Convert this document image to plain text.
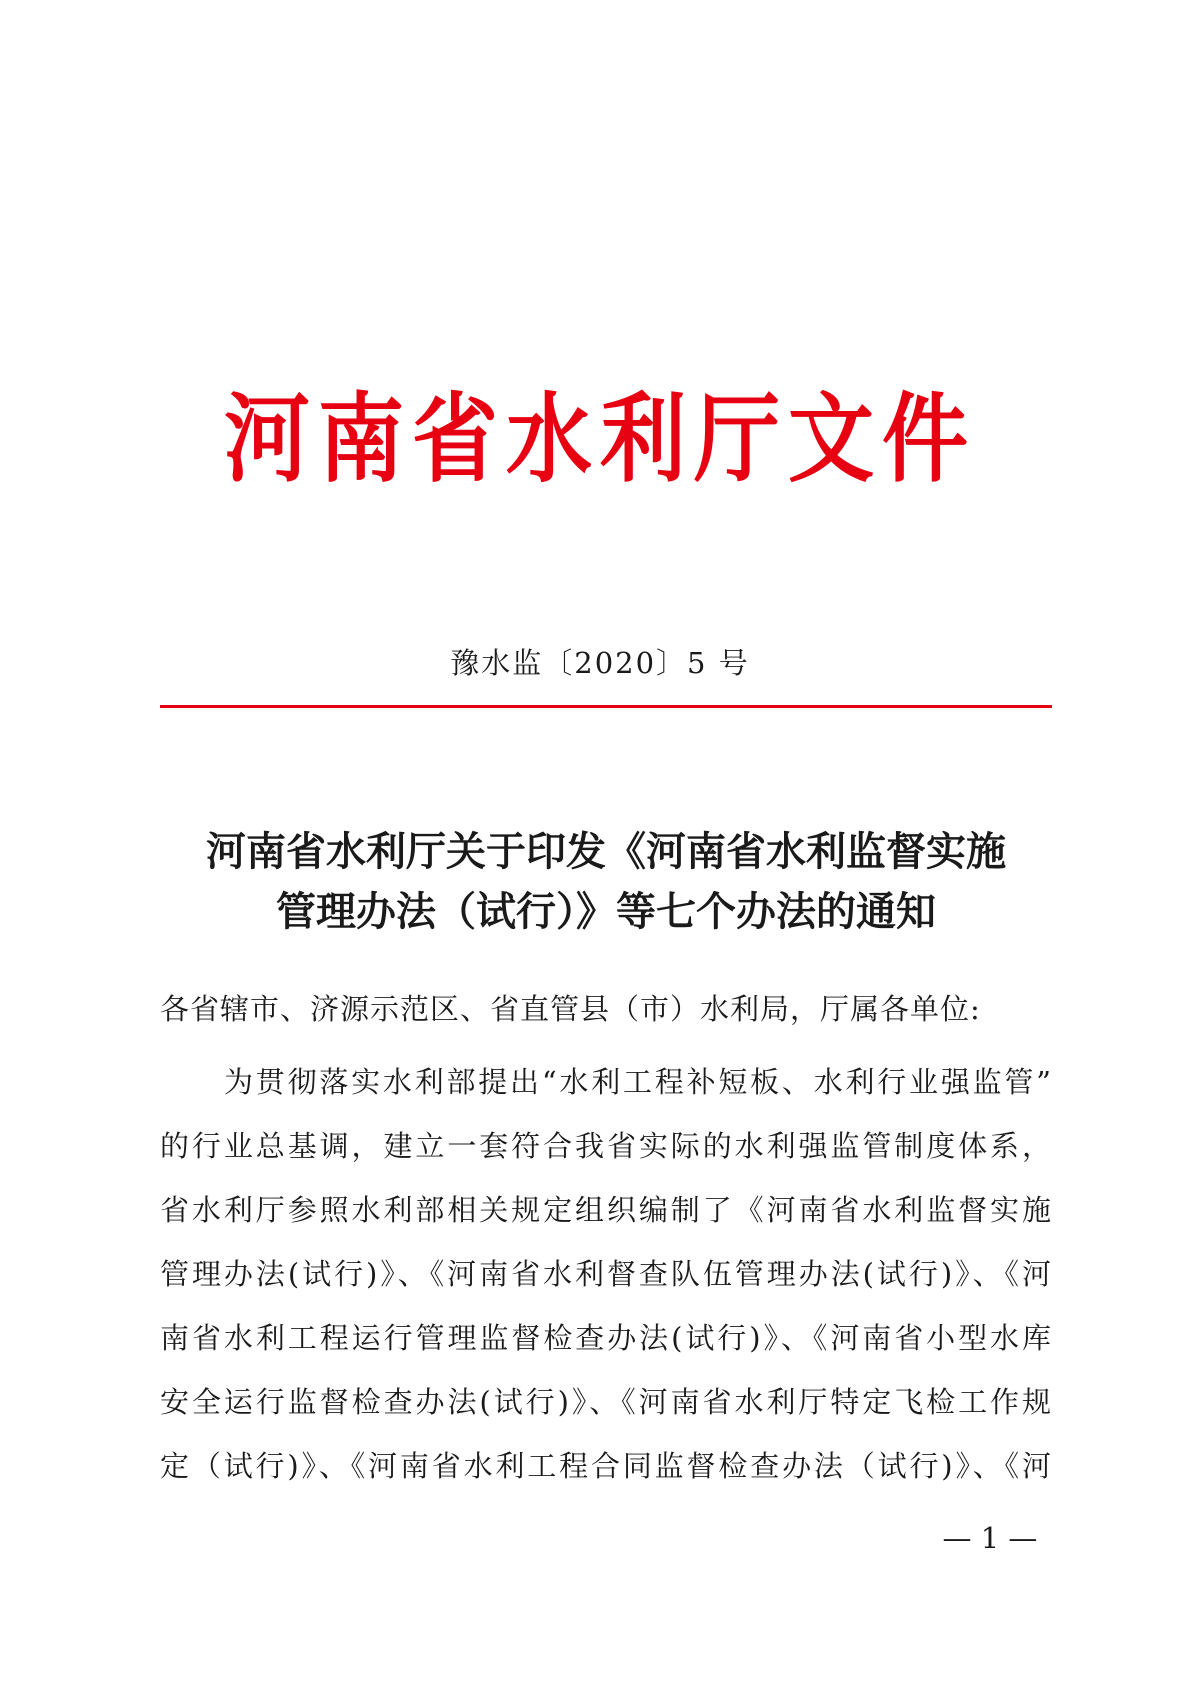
河南省水利厅文件
豫水监〔2020〕5 号
河南省水利厅关于印发《河南省水利监督实施
管理办法（试行）》等七个办法的通知
各省辖市、济源示范区、省直管县（市）水利局，厅属各单位:
为贯彻落实水利部提出“水利工程补短板、水利行业强监管”
的行业总基调，建立一套符合我省实际的水利强监管制度体系，
省水利厅参照水利部相关规定组织编制了《河南省水利监督实施
管理办法(试行)》、《河南省水利督查队伍管理办法(试行)》、《河
南省水利工程运行管理监督检查办法(试行)》、《河南省小型水库
安全运行监督检查办法(试行)》、《河南省水利厅特定飞检工作规
定（试行)》、《河南省水利工程合同监督检查办法（试行)》、《河
— 1 —
